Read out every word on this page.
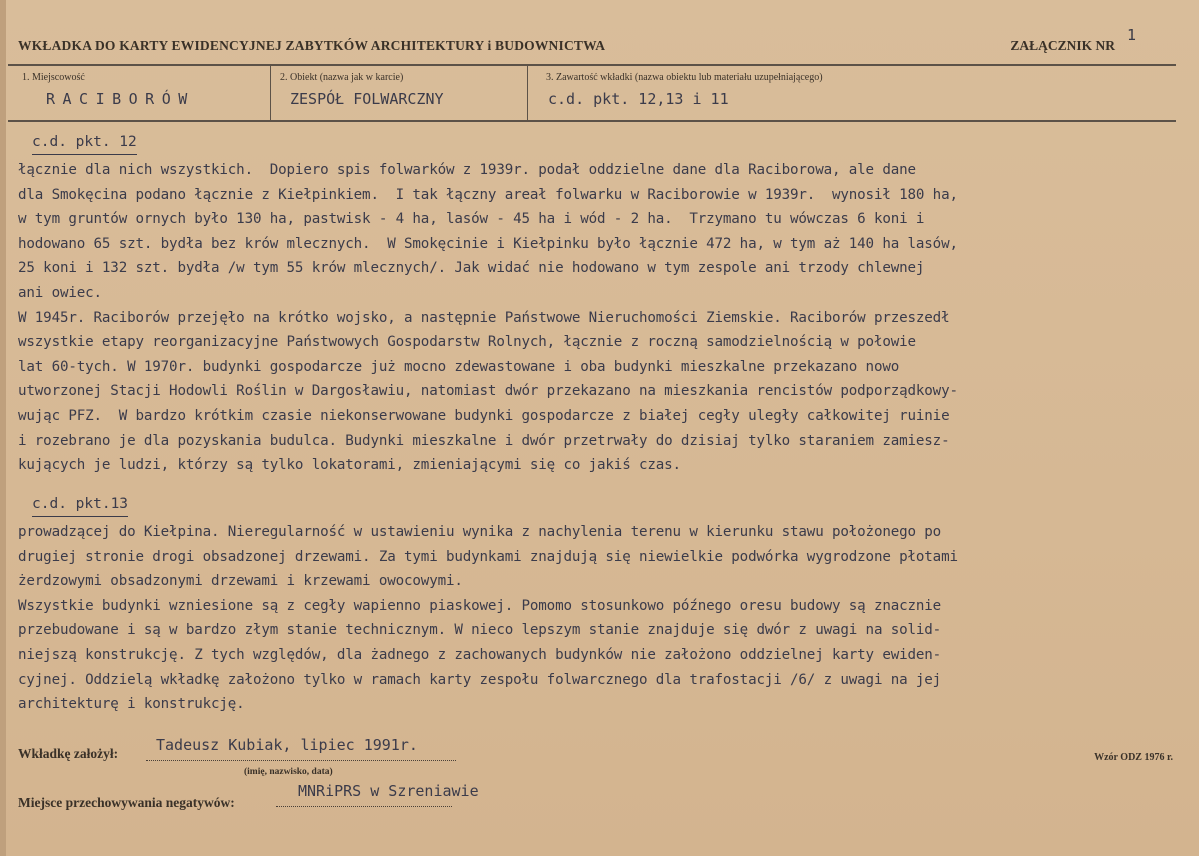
WKŁADKA DO KARTY EWIDENCYJNEJ ZABYTKÓW ARCHITEKTURY i BUDOWNICTWA	ZAŁĄCZNIK NR
1
1. Miejscowość	2. Obiekt (nazwa jak w karcie)	3. Zawartość wkładki (nazwa obiektu lub materiału uzupełniającego)
RACIBORÓW	ZESPÓŁ FOLWARCZNY	c.d. pkt. 12,13 i 11
c.d. pkt. 12
łącznie dla nich wszystkich.  Dopiero spis folwarków z 1939r. podał oddzielne dane dla Raciborowa, ale dane
dla Smokęcina podano łącznie z Kiełpinkiem.  I tak łączny areał folwarku w Raciborowie w 1939r.  wynosił 180 ha,
w tym gruntów ornych było 130 ha, pastwisk - 4 ha, lasów - 45 ha i wód - 2 ha.  Trzymano tu wówczas 6 koni i
hodowano 65 szt. bydła bez krów mlecznych.  W Smokęcinie i Kiełpinku było łącznie 472 ha, w tym aż 140 ha lasów,
25 koni i 132 szt. bydła /w tym 55 krów mlecznych/. Jak widać nie hodowano w tym zespole ani trzody chlewnej
ani owiec.
W 1945r. Raciborów przejęło na krótko wojsko, a następnie Państwowe Nieruchomości Ziemskie. Raciborów przeszedł
wszystkie etapy reorganizacyjne Państwowych Gospodarstw Rolnych, łącznie z roczną samodzielnością w połowie
lat 60-tych. W 1970r. budynki gospodarcze już mocno zdewastowane i oba budynki mieszkalne przekazano nowo
utworzonej Stacji Hodowli Roślin w Dargosławiu, natomiast dwór przekazano na mieszkania rencistów podporządkowy-
wując PFZ.  W bardzo krótkim czasie niekonserwowane budynki gospodarcze z białej cegły uległy całkowitej ruinie
i rozebrano je dla pozyskania budulca. Budynki mieszkalne i dwór przetrwały do dzisiaj tylko staraniem zamiesz-
kujących je ludzi, którzy są tylko lokatorami, zmieniającymi się co jakiś czas.
c.d. pkt.13
prowadzącej do Kiełpina. Nieregularność w ustawieniu wynika z nachylenia terenu w kierunku stawu położonego po
drugiej stronie drogi obsadzonej drzewami. Za tymi budynkami znajdują się niewielkie podwórka wygrodzone płotami
żerdzowymi obsadzonymi drzewami i krzewami owocowymi.
Wszystkie budynki wzniesione są z cegły wapienno piaskowej. Pomomo stosunkowo późnego oresu budowy są znacznie
przebudowane i są w bardzo złym stanie technicznym. W nieco lepszym stanie znajduje się dwór z uwagi na solid-
niejszą konstrukcję. Z tych względów, dla żadnego z zachowanych budynków nie założono oddzielnej karty ewiden-
cyjnej. Oddzielą wkładkę założono tylko w ramach karty zespołu folwarcznego dla trafostacji /6/ z uwagi na jej
architekturę i konstrukcję.
Wkładkę założył:	Tadeusz Kubiak, lipiec 1991r.
(imię, nazwisko, data)
Miejsce przechowywania negatywów:
MNRiPRS w Szreniawie
Wzór ODZ 1976 r.
